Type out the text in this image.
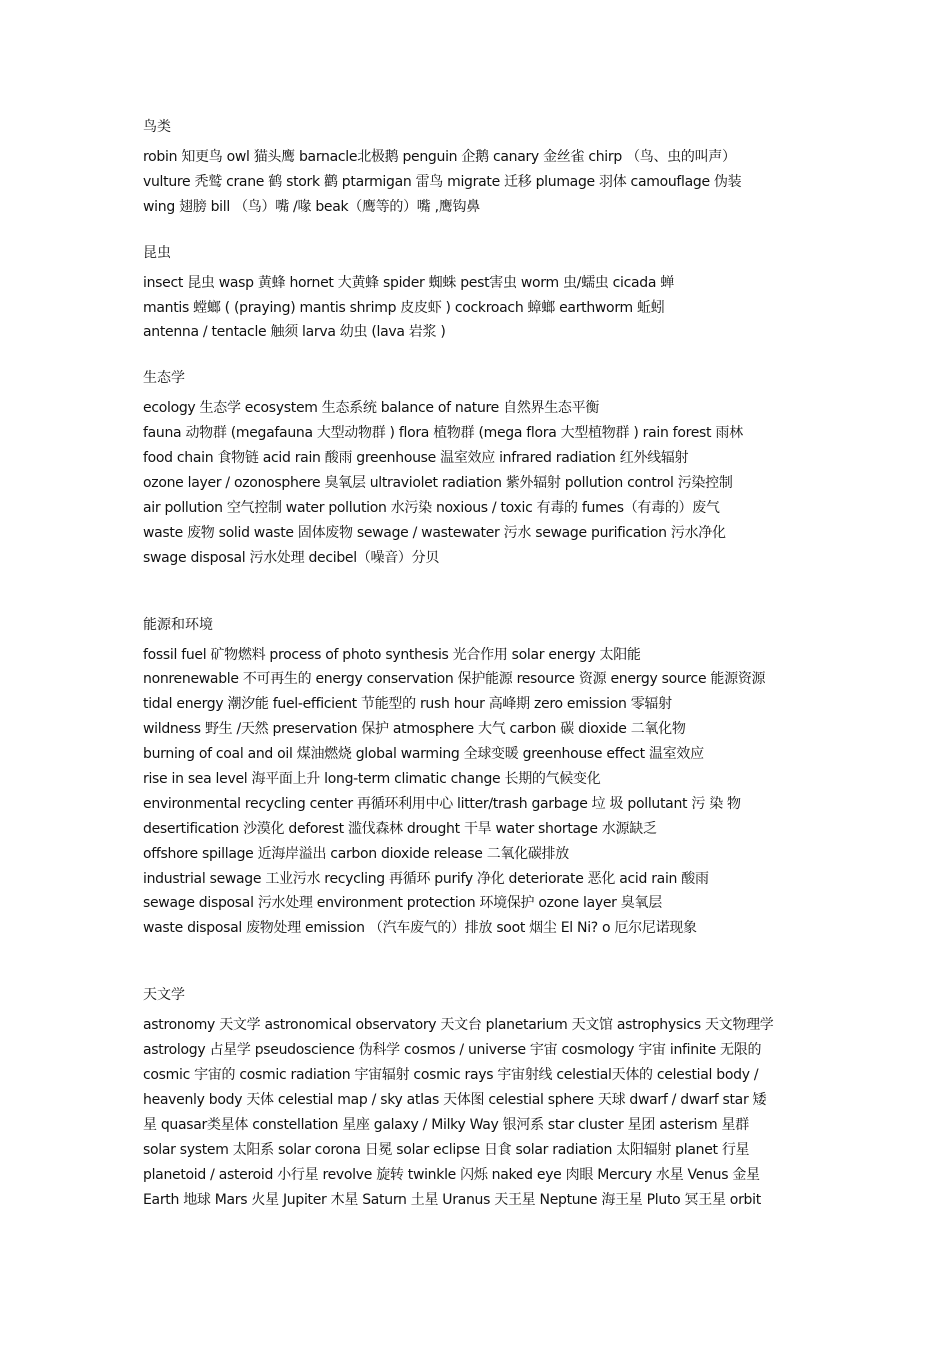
鸟类
robin 知更鸟 owl 猫头鹰 barnacle北极鹅 penguin 企鹅 canary 金丝雀 chirp （鸟、虫的叫声）
vulture 秃鹫 crane 鹤 stork 鹳 ptarmigan 雷鸟 migrate 迁移 plumage 羽体 camouflage 伪装
wing 翅膀 bill （鸟）嘴 /喙 beak（鹰等的）嘴 ,鹰钩鼻
昆虫
insect 昆虫 wasp 黄蜂 hornet 大黄蜂 spider 蜘蛛 pest害虫 worm 虫/蠕虫 cicada 蝉
mantis 螳螂 ( (praying) mantis shrimp 皮皮虾 ) cockroach 蟑螂 earthworm 蚯蚓
antenna / tentacle 触须 larva 幼虫 (lava 岩浆 )
生态学
ecology 生态学 ecosystem 生态系统 balance of nature 自然界生态平衡
fauna 动物群 (megafauna 大型动物群 ) flora 植物群 (mega flora 大型植物群 ) rain forest 雨林
food chain 食物链 acid rain 酸雨 greenhouse 温室效应 infrared radiation 红外线辐射
ozone layer / ozonosphere 臭氧层 ultraviolet radiation 紫外辐射 pollution control 污染控制
air pollution 空气控制 water pollution 水污染 noxious / toxic 有毒的 fumes（有毒的）废气
waste 废物 solid waste 固体废物 sewage / wastewater 污水 sewage purification 污水净化
swage disposal 污水处理 decibel（噪音）分贝
能源和环境
fossil fuel 矿物燃料 process of photo synthesis 光合作用 solar energy 太阳能
nonrenewable 不可再生的 energy conservation 保护能源 resource 资源 energy source 能源资源
tidal energy 潮汐能 fuel-efficient 节能型的 rush hour 高峰期 zero emission 零辐射
wildness 野生 /天然 preservation 保护 atmosphere 大气 carbon 碳 dioxide 二氧化物
burning of coal and oil 煤油燃烧 global warming 全球变暖 greenhouse effect 温室效应
rise in sea level 海平面上升 long-term climatic change 长期的气候变化
environmental recycling center 再循环利用中心 litter/trash garbage 垃 圾 pollutant 污 染 物
desertification 沙漠化 deforest 滥伐森林 drought 干旱 water shortage 水源缺乏
offshore spillage 近海岸溢出 carbon dioxide release 二氧化碳排放
industrial sewage 工业污水 recycling 再循环 purify 净化 deteriorate 恶化 acid rain 酸雨
sewage disposal 污水处理 environment protection 环境保护 ozone layer 臭氧层
waste disposal 废物处理 emission （汽车废气的）排放 soot 烟尘 El Ni? o 厄尔尼诺现象
天文学
astronomy 天文学 astronomical observatory 天文台 planetarium 天文馆 astrophysics 天文物理学
astrology 占星学 pseudoscience 伪科学 cosmos / universe 宇宙 cosmology 宇宙 infinite 无限的
cosmic 宇宙的 cosmic radiation 宇宙辐射 cosmic rays 宇宙射线 celestial天体的 celestial body /
heavenly body 天体 celestial map / sky atlas 天体图 celestial sphere 天球 dwarf / dwarf star 矮
星 quasar类星体 constellation 星座 galaxy / Milky Way 银河系 star cluster 星团 asterism 星群
solar system 太阳系 solar corona 日冕 solar eclipse 日食 solar radiation 太阳辐射 planet 行星
planetoid / asteroid 小行星 revolve 旋转 twinkle 闪烁 naked eye 肉眼 Mercury 水星 Venus 金星
Earth 地球 Mars 火星 Jupiter 木星 Saturn 土星 Uranus 天王星 Neptune 海王星 Pluto 冥王星 orbit
